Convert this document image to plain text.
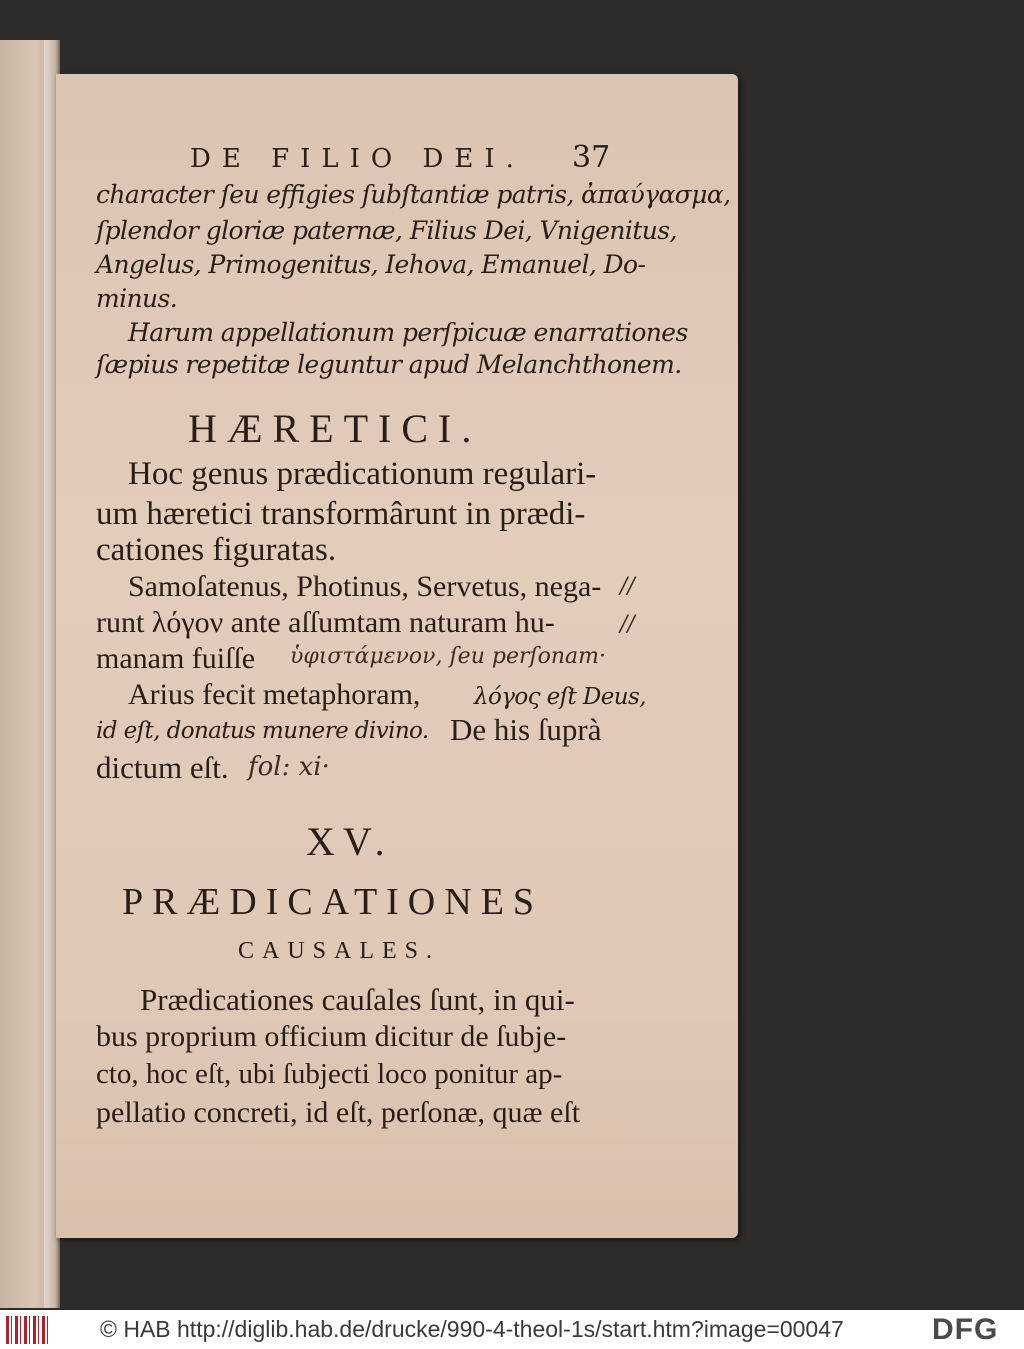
DE FILIO DEI. 37
character ſeu effigies ſubſtantiæ patris, ἀπαύγασμα,
ſplendor gloriæ paternæ, Filius Dei, Vnigenitus,
Angelus, Primogenitus, Iehova, Emanuel, Do-
minus.
Harum appellationum perſpicuæ enarrationes
ſæpius repetitæ leguntur apud Melanchthonem.
HÆRETICI.
Hoc genus prædicationum regulari-
um hæretici transformârunt in prædi-
cationes figuratas.
Samoſatenus, Photinus, Servetus, nega-
runt λόγον ante aſſumtam naturam hu-
manam fuiſſe ὑφιστάμενον, ſeu perſonam·
//
//
Arius fecit metaphoram, λόγος eſt Deus,
id eſt, donatus munere divino. De his ſuprà
dictum eſt. fol: xi·
XV.
PRÆDICATIONES
CAUSALES.
Prædicationes cauſales ſunt, in qui-
bus proprium officium dicitur de ſubje-
cto, hoc eſt, ubi ſubjecti loco ponitur ap-
pellatio concreti, id eſt, perſonæ, quæ eſt
© HAB http://diglib.hab.de/drucke/990-4-theol-1s/start.htm?image=00047	DFG
